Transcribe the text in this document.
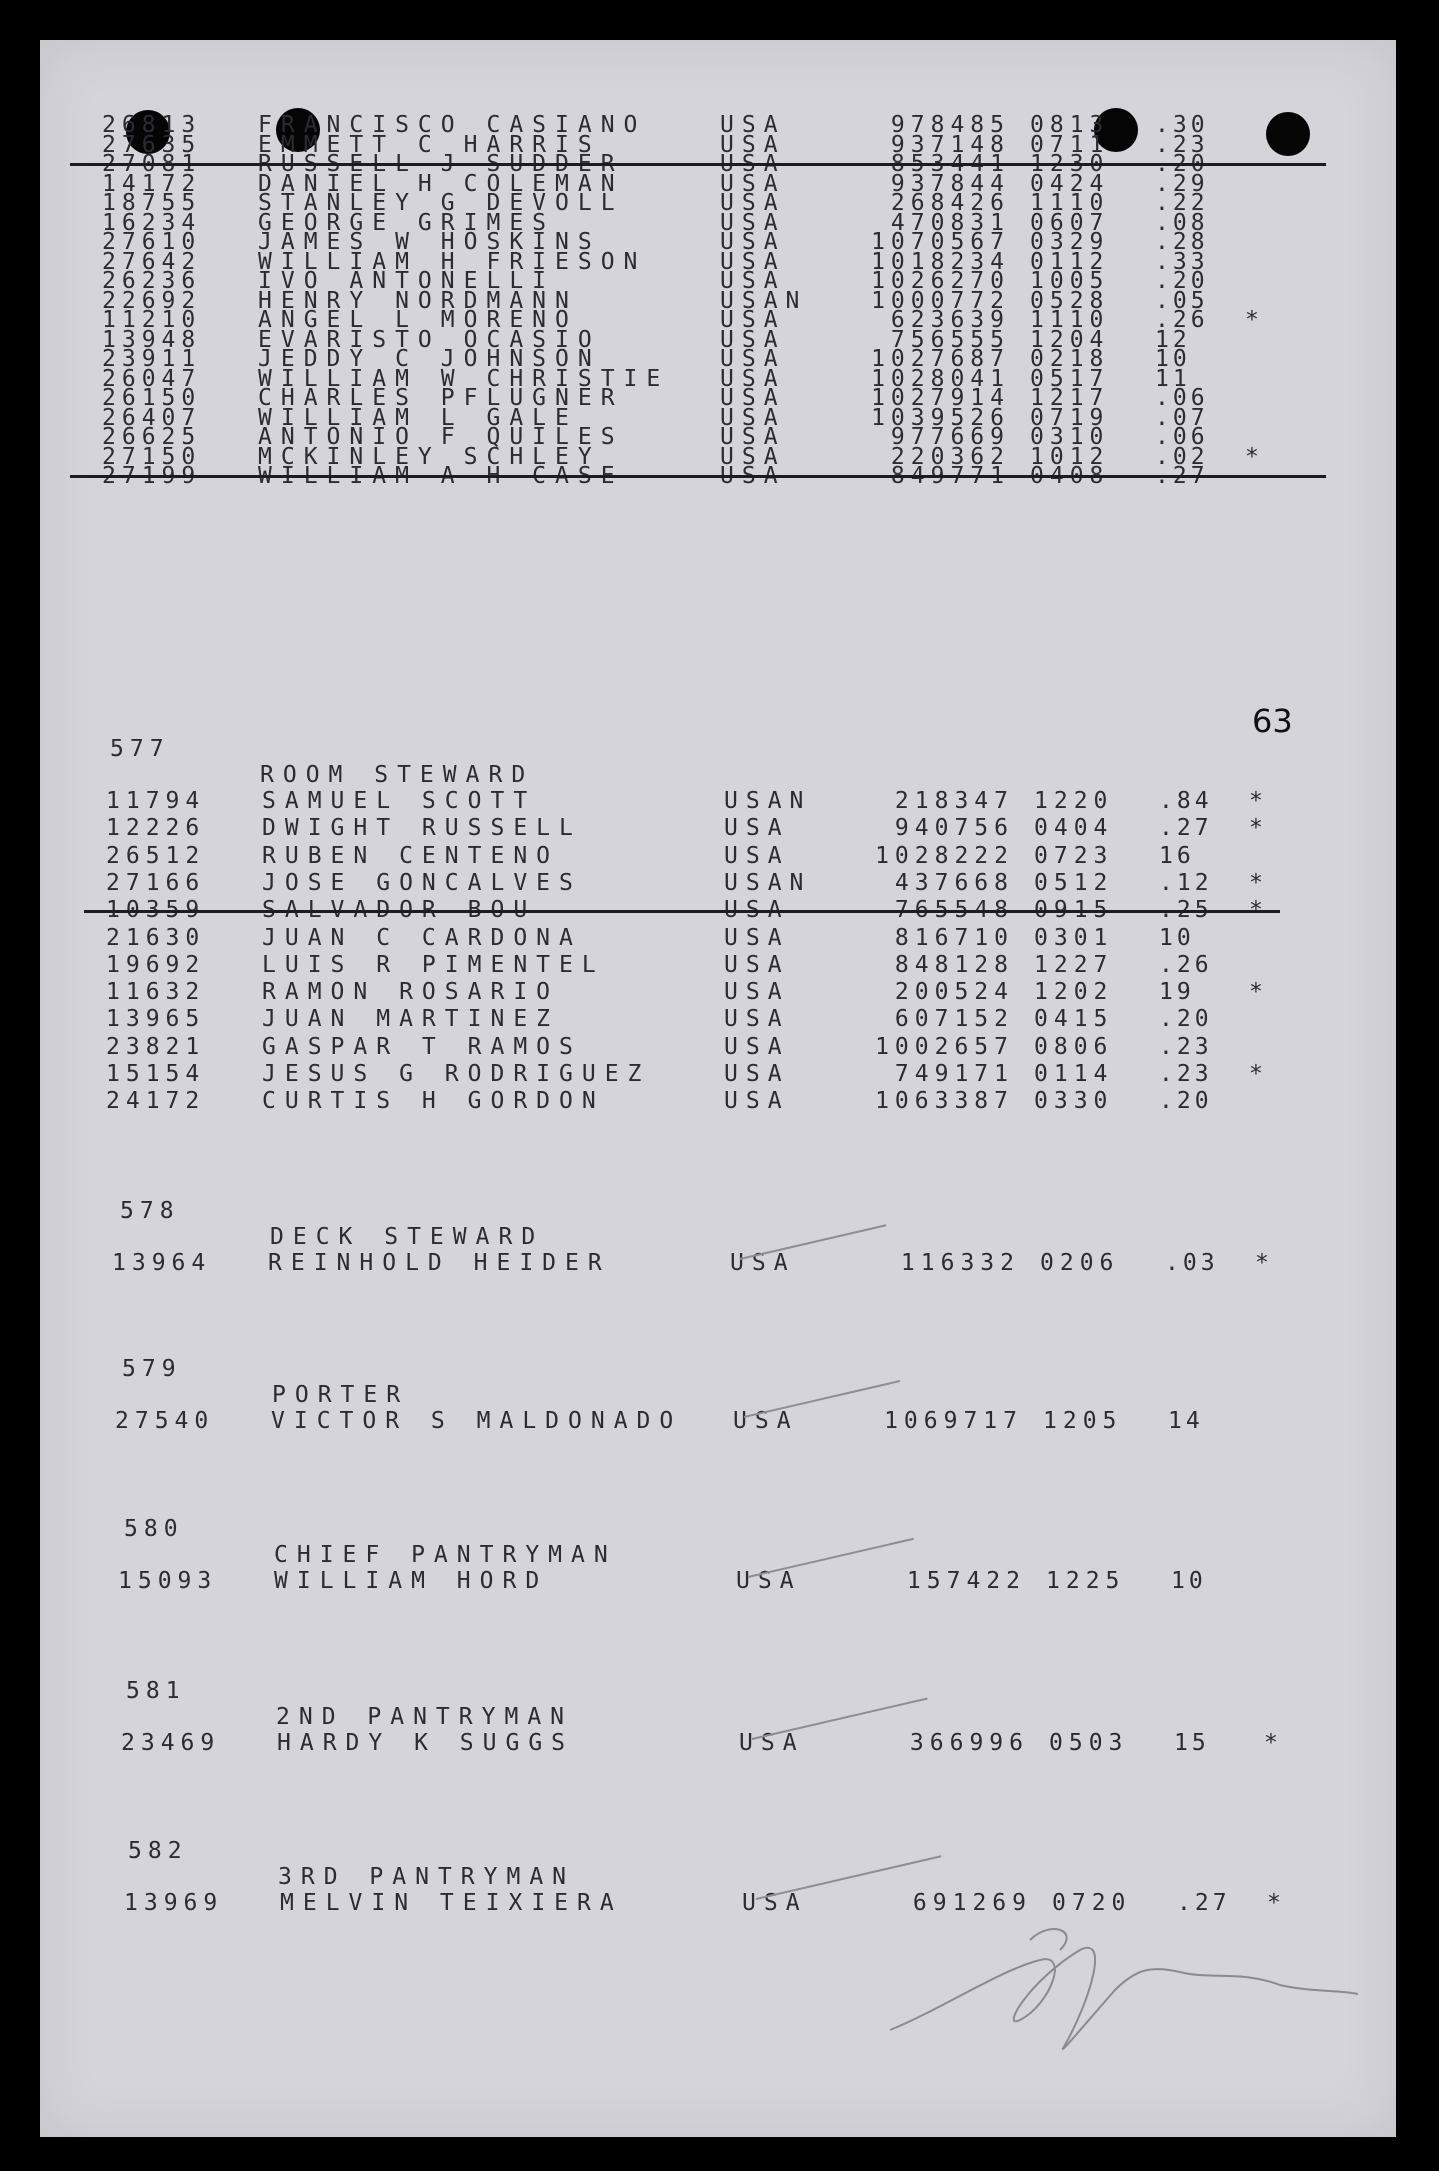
63
26813 FRANCISCO CASIANO	USA	978485 0813 .30
27635 EMMETT C HARRIS	USA	937148 0711 .23
27081 RUSSELL J SUDDER	USA	853441 1230 .20
14172 DANIEL H COLEMAN	USA	937844 0424 .29
18755 STANLEY G DEVOLL	USA	268426 1110 .22
16234 GEORGE GRIMES	USA	470831 0607 .08
27610 JAMES W HOSKINS	USA	1070567 0329 .28
27642 WILLIAM H FRIESON	USA	1018234 0112 .33
26236 IVO ANTONELLI	USA	1026270 1005 .20
22692 HENRY NORDMANN	USAN	1000772 0528 .05
11210 ANGEL L MORENO	USA	623639 1110 .26 *
13948 EVARISTO OCASIO	USA	756555 1204 12
23911 JEDDY C JOHNSON	USA	1027687 0218 10
26047 WILLIAM W CHRISTIE USA	1028041 0517 11
26150 CHARLES PFLUGNER	USA	1027914 1217 .06
26407 WILLIAM L GALE	USA	1039526 0719 .07
26625 ANTONIO F QUILES	USA	977669 0310 .06
27150 MCKINLEY SCHLEY	USA	220362 1012 .02 *
27199 WILLIAM A H CASE	USA	849771 0408 .27

577

ROOM STEWARD

11794 SAMUEL SCOTT	USAN	218347 1220 .84 *
12226 DWIGHT RUSSELL	USA	940756 0404 .27 *
26512 RUBEN CENTENO	USA	1028222 0723 16
27166 JOSE GONCALVES	USAN	437668 0512 .12 *
10359 SALVADOR BOU	USA	765548 0915 .25 *
21630 JUAN C CARDONA	USA	816710 0301 10
19692 LUIS R PIMENTEL	USA	848128 1227 .26
11632 RAMON ROSARIO	USA	200524 1202 19 *
13965 JUAN MARTINEZ	USA	607152 0415 .20
23821 GASPAR T RAMOS	USA	1002657 0806 .23
15154 JESUS G RODRIGUEZ	USA	749171 0114 .23 *
24172 CURTIS H GORDON	USA	1063387 0330 .20

578

DECK STEWARD

579

PORTER

580

CHIEF PANTRYMAN

581

2ND PANTRYMAN

582

3RD PANTRYMAN

13964 REINHOLD HEIDER	USA	116332 0206 .03 *
27540 VICTOR S MALDONADO USA	1069717 1205 14
15093 WILLIAM HORD	USA	157422 1225 10
23469 HARDY K SUGGS	USA	366996 0503 15 *
13969 MELVIN TEIXIERA	USA	691269 0720 .27 *
